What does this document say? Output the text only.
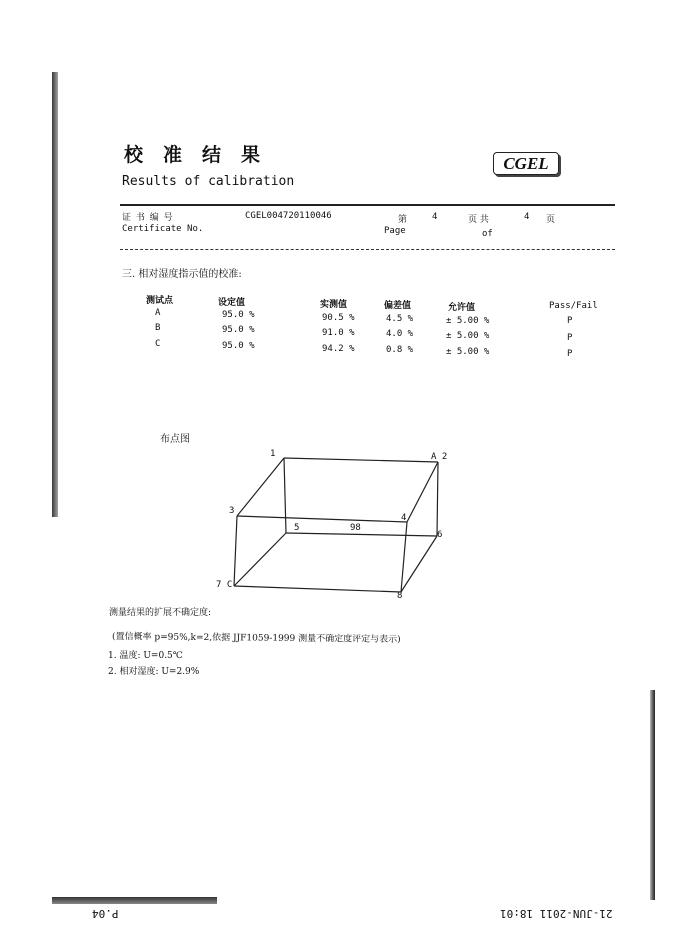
校准结果
Results of calibration
CGEL
证 书 编 号
Certificate No.
CGEL004720110046	第	4	页 共	4 页
Page	of
三. 相对湿度指示值的校准:
测试点	设定值	实测值	偏差值	允许值	Pass/Fail
A	95.0 %	90.5 %	4.5 %	± 5.00 %	P
B	95.0 %	91.0 %	4.0 %	± 5.00 %	P
C	95.0 %	94.2 %	0.8 %	± 5.00 %	P
布点图
1	A 2
3
4
5
6
7 C
8
98
测量结果的扩展不确定度:
(置信概率 p=95%,k=2,依据 JJF1059-1999 测量不确定度评定与表示)
1. 温度: U=0.5℃
2. 相对湿度: U=2.9%
21-JUN-2011 18:01
P.04
